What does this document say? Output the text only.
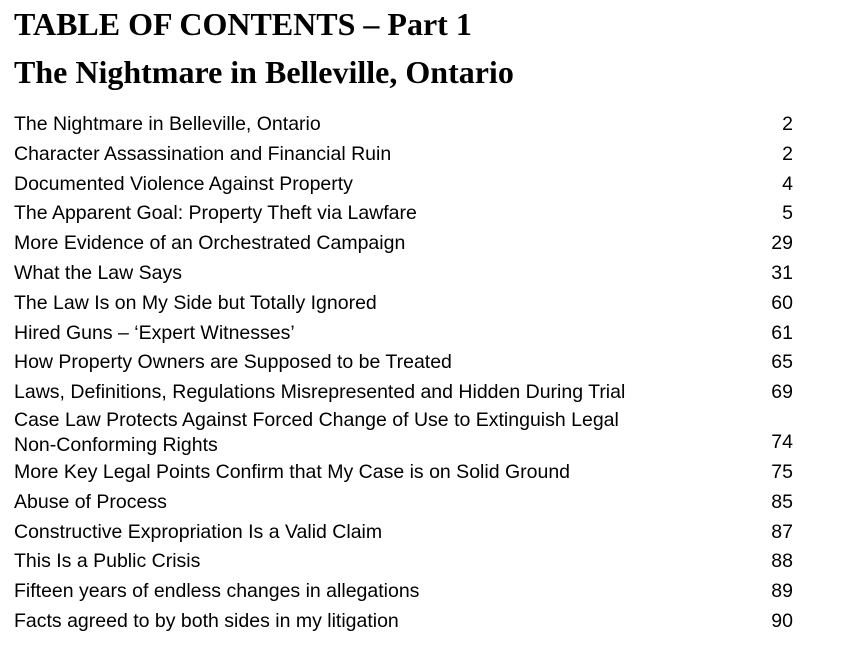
TABLE OF CONTENTS – Part 1
The Nightmare in Belleville, Ontario
The Nightmare in Belleville, Ontario	2
Character Assassination and Financial Ruin	2
Documented Violence Against Property	4
The Apparent Goal: Property Theft via Lawfare	5
More Evidence of an Orchestrated Campaign	29
What the Law Says	31
The Law Is on My Side but Totally Ignored	60
Hired Guns – ‘Expert Witnesses’	61
How Property Owners are Supposed to be Treated	65
Laws, Definitions, Regulations Misrepresented and Hidden During Trial	69
Case Law Protects Against Forced Change of Use to Extinguish Legal
Non-Conforming Rights	74
More Key Legal Points Confirm that My Case is on Solid Ground	75
Abuse of Process	85
Constructive Expropriation Is a Valid Claim	87
This Is a Public Crisis	88
Fifteen years of endless changes in allegations	89
Facts agreed to by both sides in my litigation	90
